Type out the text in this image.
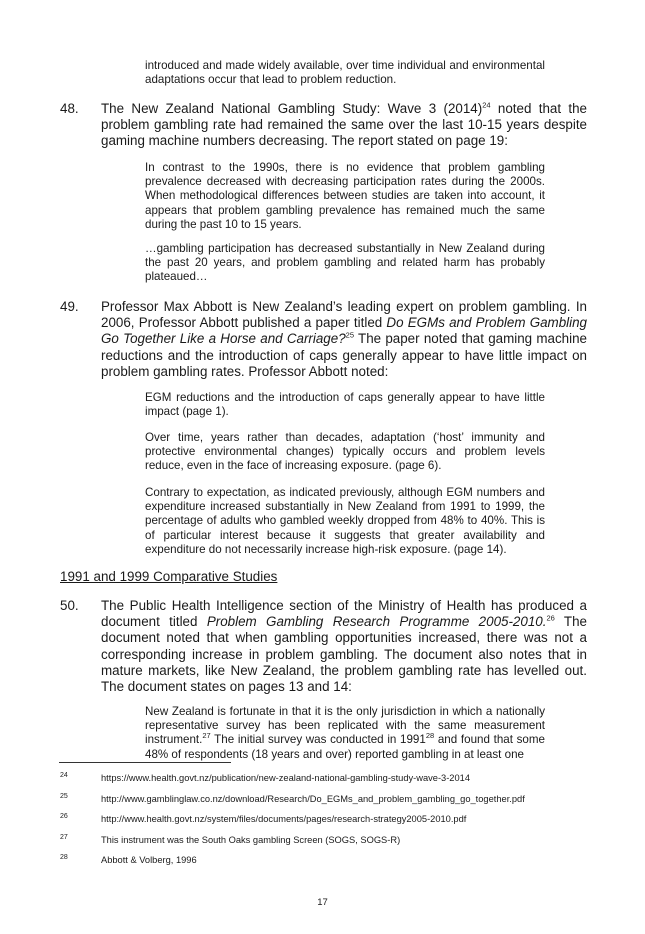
introduced and made widely available, over time individual and environmental adaptations occur that lead to problem reduction.
48. The New Zealand National Gambling Study: Wave 3 $(2014)^{24}$ noted that the problem gambling rate had remained the same over the last 10-15 years despite gaming machine numbers decreasing. The report stated on page 19:
In contrast to the 1990s, there is no evidence that problem gambling prevalence decreased with decreasing participation rates during the 2000s. When methodological differences between studies are taken into account, it appears that problem gambling prevalence has remained much the same during the past 10 to 15 years.
…gambling participation has decreased substantially in New Zealand during the past 20 years, and problem gambling and related harm has probably plateaued…
49. Professor Max Abbott is New Zealand’s leading expert on problem gambling. In 2006, Professor Abbott published a paper titled Do EGMs and Problem Gambling Go Together Like a Horse and Carriage?$^{25}$ The paper noted that gaming machine reductions and the introduction of caps generally appear to have little impact on problem gambling rates. Professor Abbott noted:
EGM reductions and the introduction of caps generally appear to have little impact (page 1).
Over time, years rather than decades, adaptation (‘host’ immunity and protective environmental changes) typically occurs and problem levels reduce, even in the face of increasing exposure. (page 6).
Contrary to expectation, as indicated previously, although EGM numbers and expenditure increased substantially in New Zealand from 1991 to 1999, the percentage of adults who gambled weekly dropped from 48% to 40%. This is of particular interest because it suggests that greater availability and expenditure do not necessarily increase high-risk exposure. (page 14).
1991 and 1999 Comparative Studies
50. The Public Health Intelligence section of the Ministry of Health has produced a document titled Problem Gambling Research Programme 2005-2010.26 The document noted that when gambling opportunities increased, there was not a corresponding increase in problem gambling. The document also notes that in mature markets, like New Zealand, the problem gambling rate has levelled out. The document states on pages 13 and 14:
New Zealand is fortunate in that it is the only jurisdiction in which a nationally representative survey has been replicated with the same measurement instrument.$^{27}$ The initial survey was conducted in 1991$^{28}$ and found that some 48% of respondents (18 years and over) reported gambling in at least one
24	https://www.health.govt.nz/publication/new-zealand-national-gambling-study-wave-3-2014
25	http://www.gamblinglaw.co.nz/download/Research/Do_EGMs_and_problem_gambling_go_together.pdf
26	http://www.health.govt.nz/system/files/documents/pages/research-strategy2005-2010.pdf
27	This instrument was the South Oaks gambling Screen (SOGS, SOGS-R)
28	Abbott & Volberg, 1996
17
